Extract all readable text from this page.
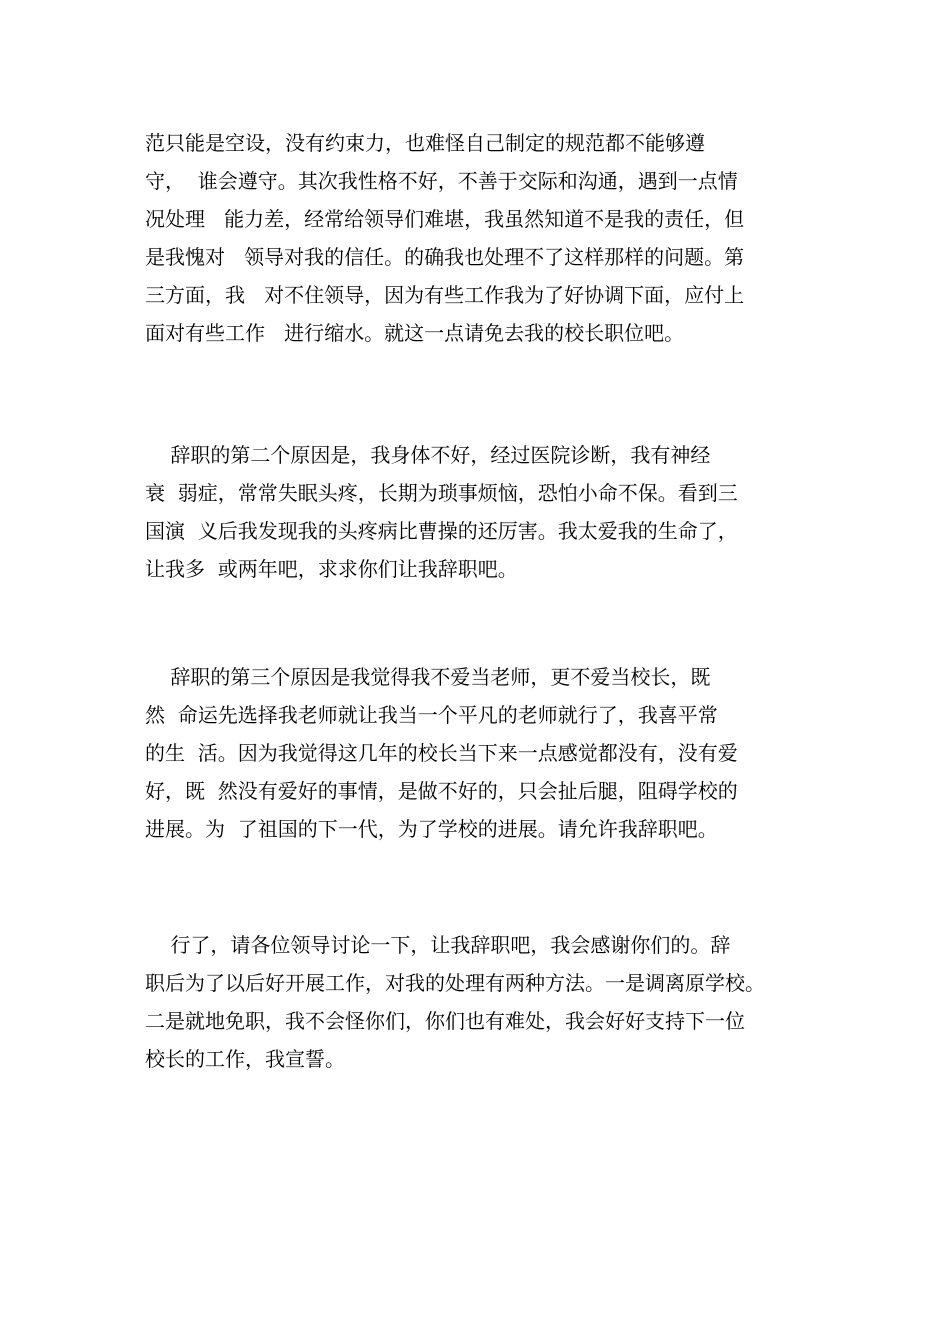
范只能是空设，没有约束力，也难怪自己制定的规范都不能够遵
守，  谁会遵守。其次我性格不好，不善于交际和沟通，遇到一点情
况处理   能力差，经常给领导们难堪，我虽然知道不是我的责任，但
是我愧对   领导对我的信任。的确我也处理不了这样那样的问题。第
三方面，我   对不住领导，因为有些工作我为了好协调下面，应付上
面对有些工作   进行缩水。就这一点请免去我的校长职位吧。

辞职的第二个原因是，我身体不好，经过医院诊断，我有神经
衰  弱症，常常失眠头疼，长期为琐事烦恼，恐怕小命不保。看到三
国演  义后我发现我的头疼病比曹操的还厉害。我太爱我的生命了，
让我多  或两年吧，求求你们让我辞职吧。

辞职的第三个原因是我觉得我不爱当老师，更不爱当校长，既
然  命运先选择我老师就让我当一个平凡的老师就行了，我喜平常
的生  活。因为我觉得这几年的校长当下来一点感觉都没有，没有爱
好，既  然没有爱好的事情，是做不好的，只会扯后腿，阻碍学校的
进展。为  了祖国的下一代，为了学校的进展。请允许我辞职吧。

行了，请各位领导讨论一下，让我辞职吧，我会感谢你们的。辞
职后为了以后好开展工作，对我的处理有两种方法。一是调离原学校。
二是就地免职，我不会怪你们，你们也有难处，我会好好支持下一位
校长的工作，我宣誓。
